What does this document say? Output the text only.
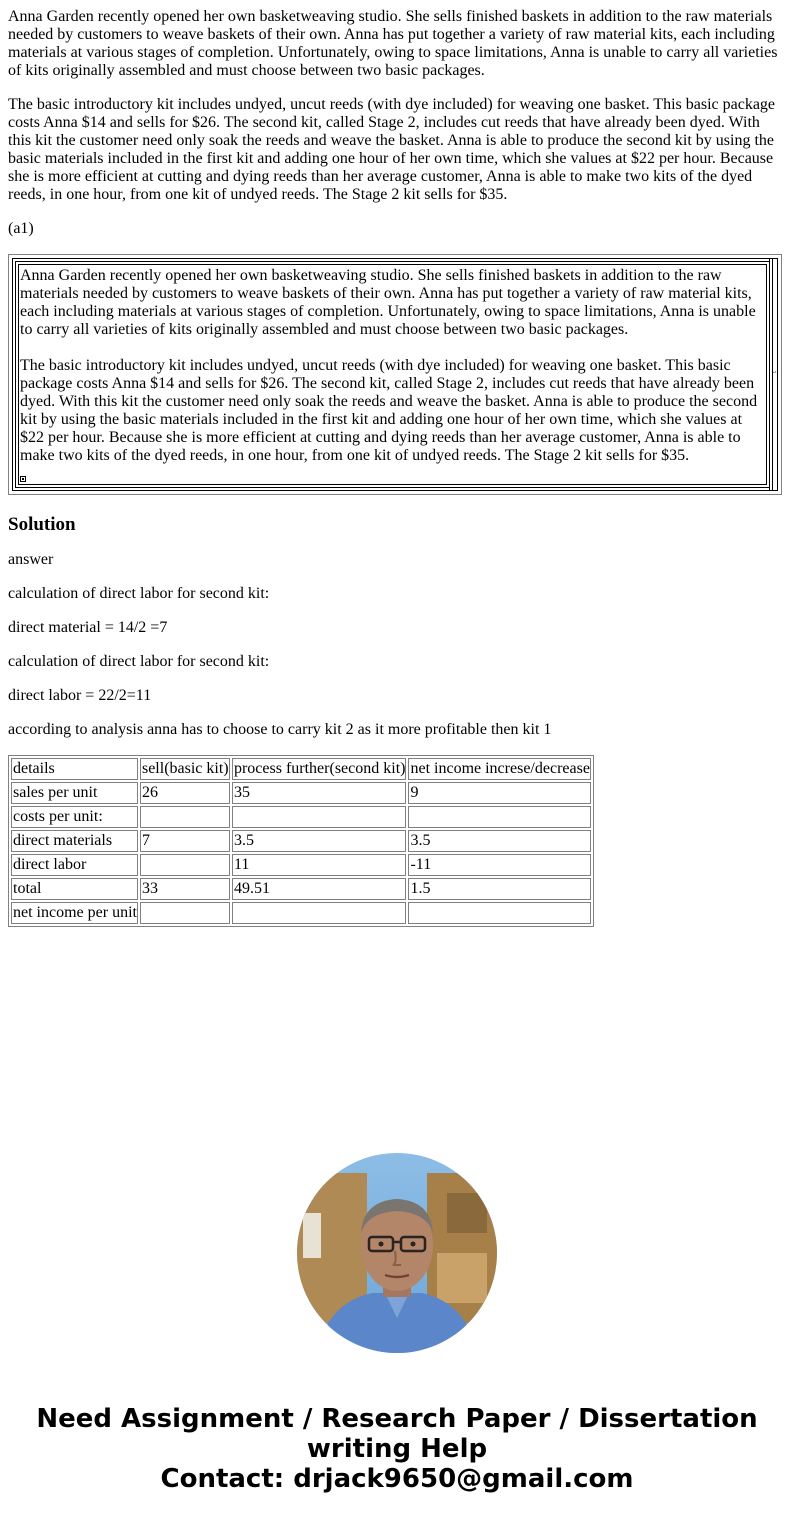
Anna Garden recently opened her own basketweaving studio. She sells finished baskets in addition to the raw materials needed by customers to weave baskets of their own. Anna has put together a variety of raw material kits, each including materials at various stages of completion. Unfortunately, owing to space limitations, Anna is unable to carry all varieties of kits originally assembled and must choose between two basic packages.

The basic introductory kit includes undyed, uncut reeds (with dye included) for weaving one basket. This basic package costs Anna $14 and sells for $26. The second kit, called Stage 2, includes cut reeds that have already been dyed. With this kit the customer need only soak the reeds and weave the basket. Anna is able to produce the second kit by using the basic materials included in the first kit and adding one hour of her own time, which she values at $22 per hour. Because she is more efficient at cutting and dying reeds than her average customer, Anna is able to make two kits of the dyed reeds, in one hour, from one kit of undyed reeds. The Stage 2 kit sells for $35.

(a1)

Anna Garden recently opened her own basketweaving studio. She sells finished baskets in addition to the raw materials needed by customers to weave baskets of their own. Anna has put together a variety of raw material kits, each including materials at various stages of completion. Unfortunately, owing to space limitations, Anna is unable to carry all varieties of kits originally assembled and must choose between two basic packages.

The basic introductory kit includes undyed, uncut reeds (with dye included) for weaving one basket. This basic package costs Anna $14 and sells for $26. The second kit, called Stage 2, includes cut reeds that have already been dyed. With this kit the customer need only soak the reeds and weave the basket. Anna is able to produce the second kit by using the basic materials included in the first kit and adding one hour of her own time, which she values at $22 per hour. Because she is more efficient at cutting and dying reeds than her average customer, Anna is able to make two kits of the dyed reeds, in one hour, from one kit of undyed reeds. The Stage 2 kit sells for $35.

ˋˊ
Solution

answer

calculation of direct labor for second kit:

direct material = 14/2 =7

calculation of direct labor for second kit:

direct labor = 22/2=11

according to analysis anna has to choose to carry kit 2 as it more profitable then kit 1

details	sell(basic kit)	process further(second kit)	net income increse/decrease
sales per unit	26	35	9
costs per unit:			
direct materials	7	3.5	3.5
direct labor		11	-11
total	33	49.51	1.5
net income per unit			
Need Assignment / Research Paper / Dissertation
writing Help
Contact: drjack9650@gmail.com
